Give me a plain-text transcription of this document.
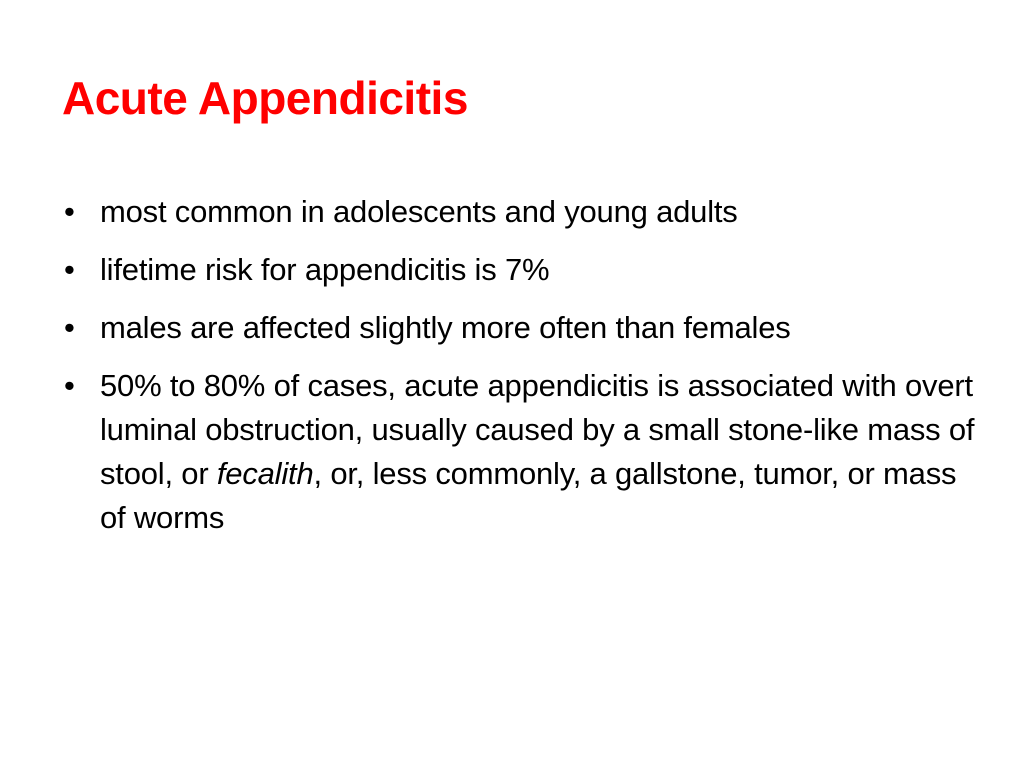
Acute Appendicitis
• most common in adolescents and young adults
• lifetime risk for appendicitis is 7%
• males are affected slightly more often than females
• 50% to 80% of cases, acute appendicitis is associated with overt luminal obstruction, usually caused by a small stone-like mass of stool, or fecalith, or, less commonly, a gallstone, tumor, or mass of worms
